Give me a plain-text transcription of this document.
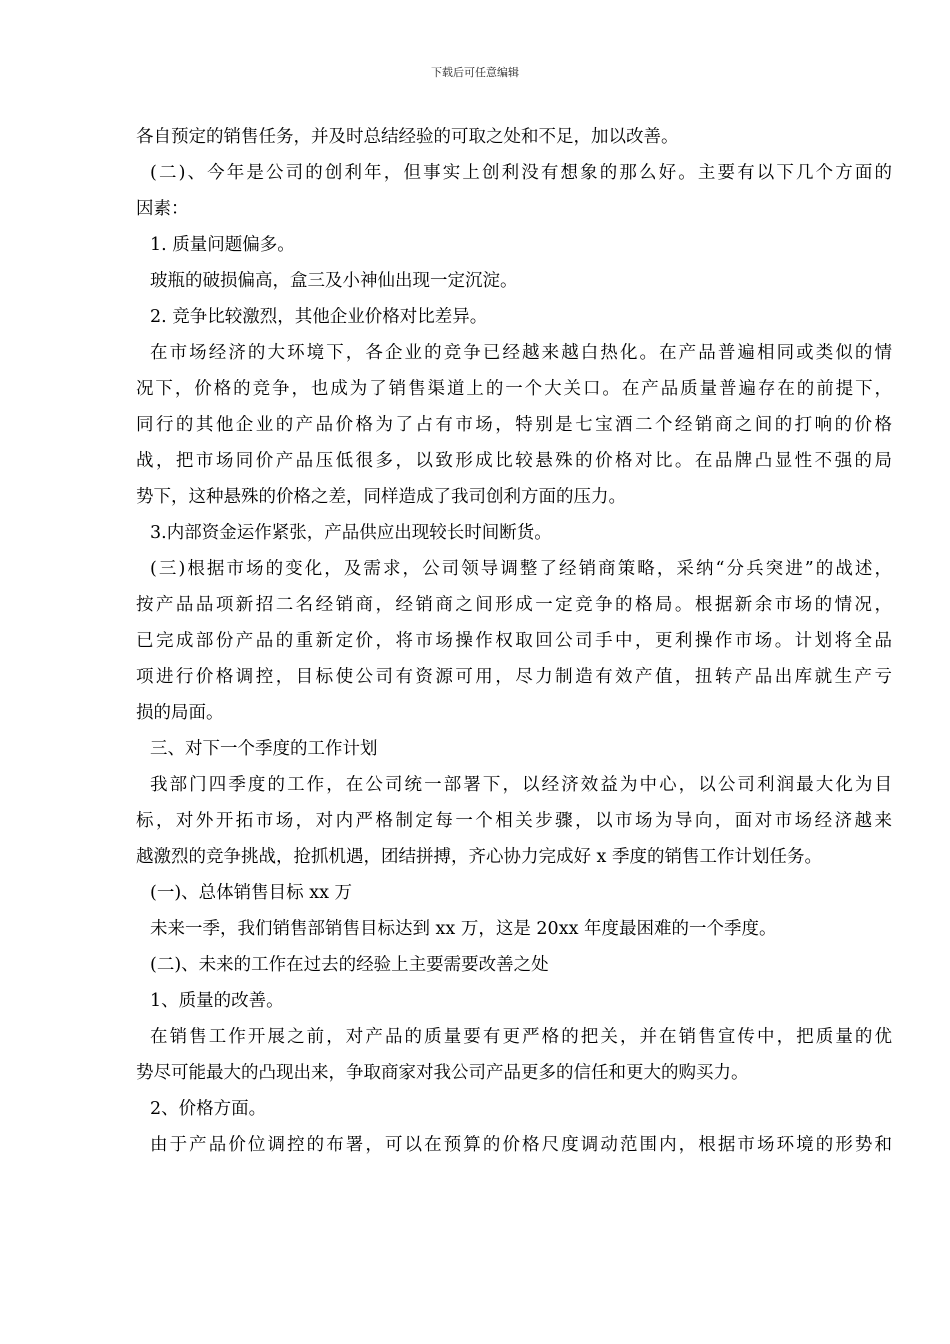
下载后可任意编辑
各自预定的销售任务，并及时总结经验的可取之处和不足，加以改善。
(二)、今年是公司的创利年，但事实上创利没有想象的那么好。主要有以下几个方面的
因素：
1. 质量问题偏多。
玻瓶的破损偏高，盒三及小神仙出现一定沉淀。
2. 竞争比较激烈，其他企业价格对比差异。
在市场经济的大环境下，各企业的竞争已经越来越白热化。在产品普遍相同或类似的情
况下，价格的竞争，也成为了销售渠道上的一个大关口。在产品质量普遍存在的前提下，
同行的其他企业的产品价格为了占有市场，特别是七宝酒二个经销商之间的打响的价格
战，把市场同价产品压低很多，以致形成比较悬殊的价格对比。在品牌凸显性不强的局
势下，这种悬殊的价格之差，同样造成了我司创利方面的压力。
3.内部资金运作紧张，产品供应出现较长时间断货。
(三)根据市场的变化，及需求，公司领导调整了经销商策略，采纳“分兵突进”的战述，
按产品品项新招二名经销商，经销商之间形成一定竞争的格局。根据新余市场的情况，
已完成部份产品的重新定价，将市场操作权取回公司手中，更利操作市场。计划将全品
项进行价格调控，目标使公司有资源可用，尽力制造有效产值，扭转产品出库就生产亏
损的局面。
三、对下一个季度的工作计划
我部门四季度的工作，在公司统一部署下，以经济效益为中心，以公司利润最大化为目
标，对外开拓市场，对内严格制定每一个相关步骤，以市场为导向，面对市场经济越来
越激烈的竞争挑战，抢抓机遇，团结拼搏，齐心协力完成好 x 季度的销售工作计划任务。
(一)、总体销售目标 xx 万
未来一季，我们销售部销售目标达到 xx 万，这是 20xx 年度最困难的一个季度。
(二)、未来的工作在过去的经验上主要需要改善之处
1、质量的改善。
在销售工作开展之前，对产品的质量要有更严格的把关，并在销售宣传中，把质量的优
势尽可能最大的凸现出来，争取商家对我公司产品更多的信任和更大的购买力。
2、价格方面。
由于产品价位调控的布署，可以在预算的价格尺度调动范围内，根据市场环境的形势和
